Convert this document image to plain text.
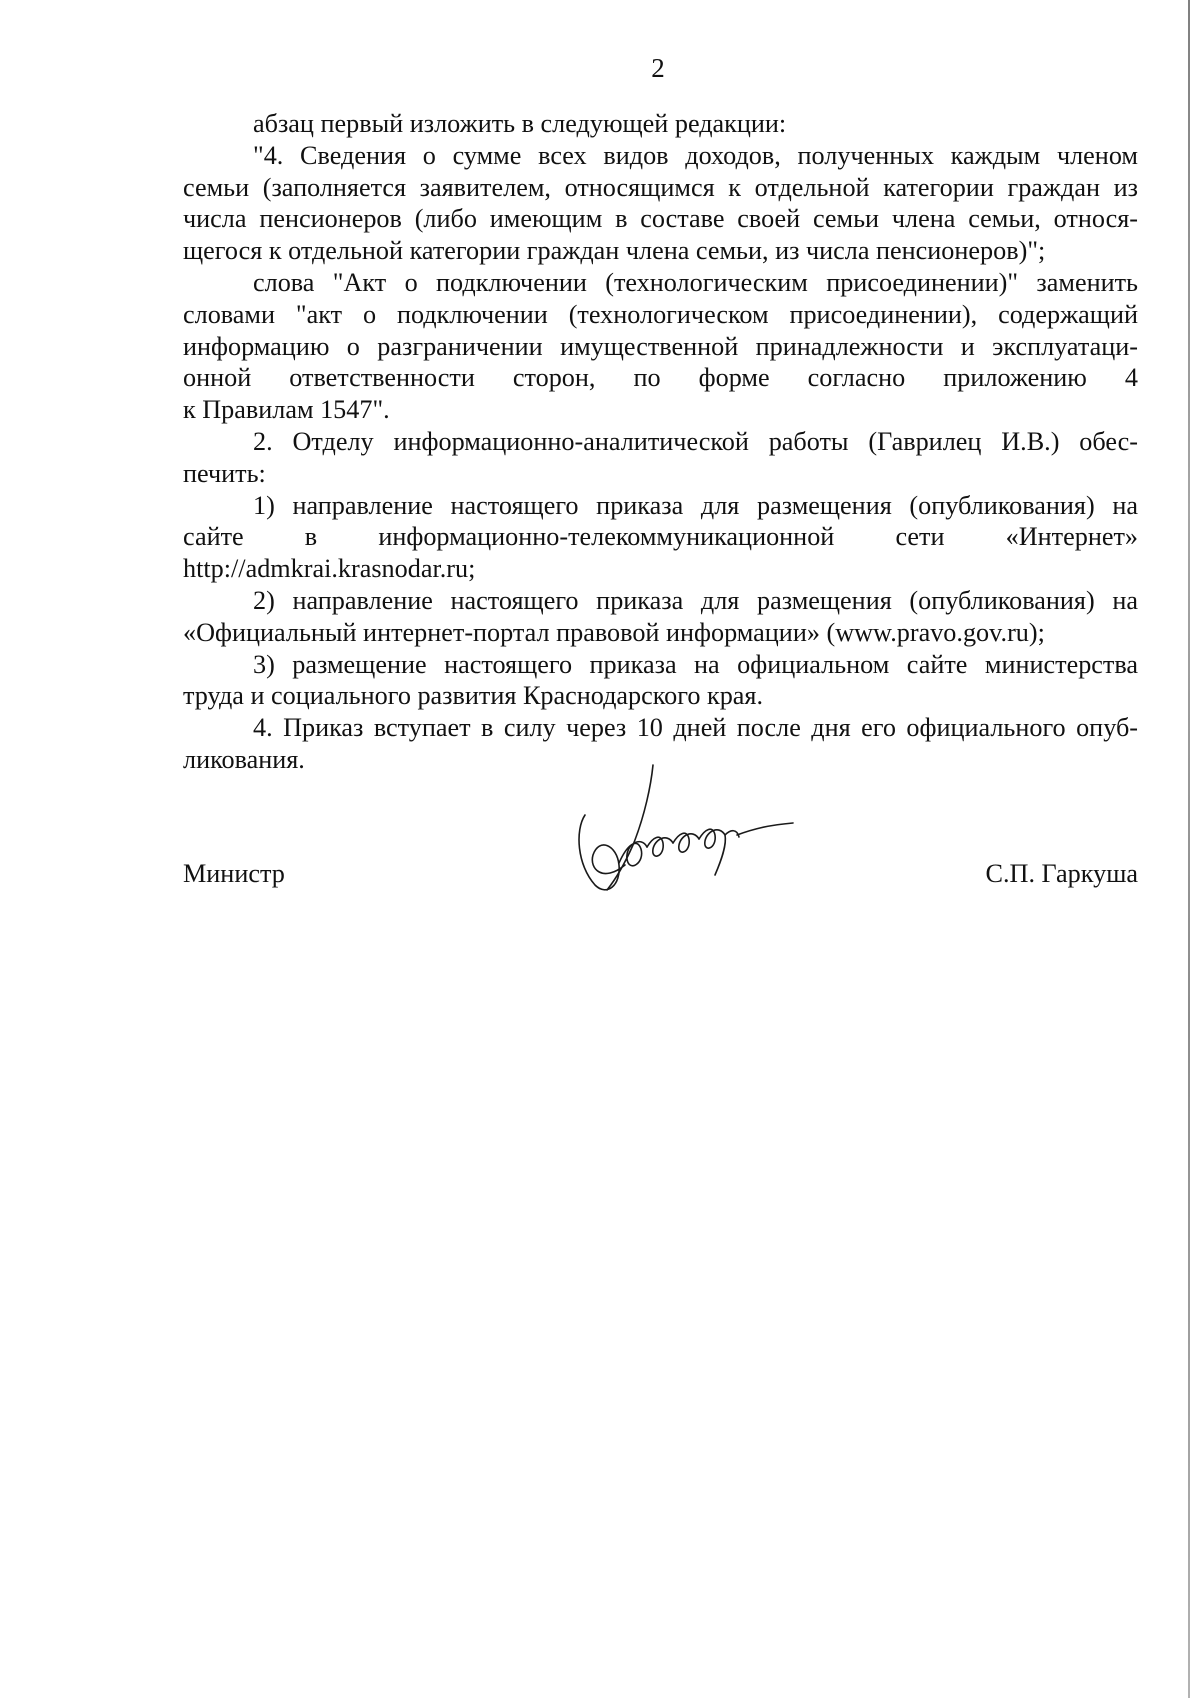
2
абзац первый изложить в следующей редакции:
"4. Сведения о сумме всех видов доходов, полученных каждым членом
семьи (заполняется заявителем, относящимся к отдельной категории граждан из
числа пенсионеров (либо имеющим в составе своей семьи члена семьи, относя-
щегося к отдельной категории граждан члена семьи, из числа пенсионеров)";
слова "Акт о подключении (технологическим присоединении)" заменить
словами "акт о подключении (технологическом присоединении), содержащий
информацию о разграничении имущественной принадлежности и эксплуатаци-
онной ответственности сторон, по форме согласно приложению 4
к Правилам 1547".
2. Отделу информационно-аналитической работы (Гаврилец И.В.) обес-
печить:
1) направление настоящего приказа для размещения (опубликования) на
сайте в информационно-телекоммуникационной сети «Интернет»
http://admkrai.krasnodar.ru;
2) направление настоящего приказа для размещения (опубликования) на
«Официальный интернет-портал правовой информации» (www.pravo.gov.ru);
3) размещение настоящего приказа на официальном сайте министерства
труда и социального развития Краснодарского края.
4. Приказ вступает в силу через 10 дней после дня его официального опуб-
ликования.
Министр	С.П. Гаркуша
